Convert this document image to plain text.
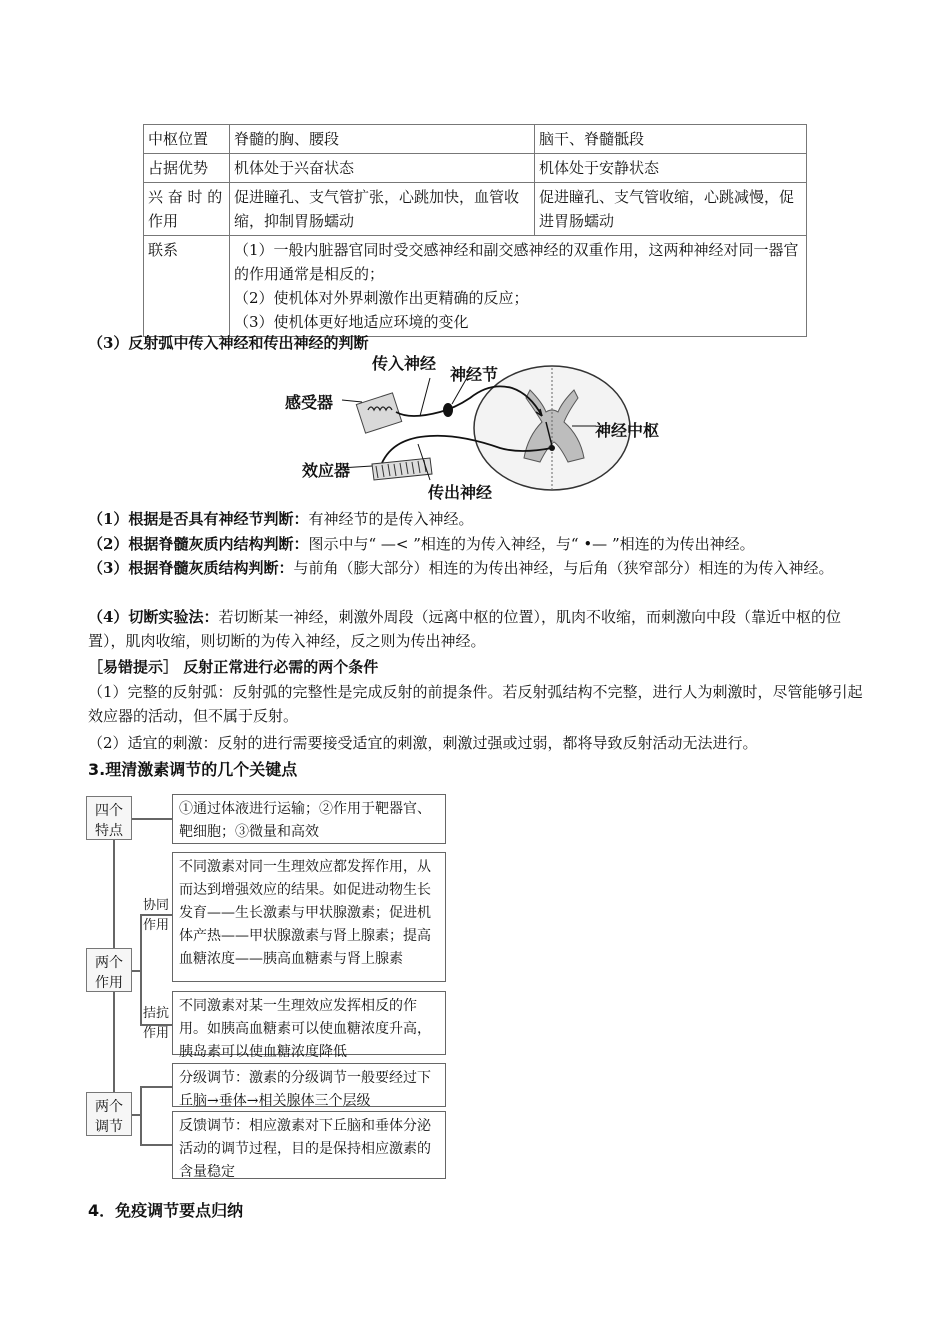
中枢位置	脊髓的胸、腰段	脑干、脊髓骶段
占据优势	机体处于兴奋状态	机体处于安静状态
兴 奋 时 的作用	促进瞳孔、支气管扩张，心跳加快，血管收缩，抑制胃肠蠕动	促进瞳孔、支气管收缩，心跳减慢，促进胃肠蠕动
联系	（1）一般内脏器官同时受交感神经和副交感神经的双重作用，这两种神经对同一器官的作用通常是相反的；
（2）使机体对外界刺激作出更精确的反应；
（3）使机体更好地适应环境的变化	
（3）反射弧中传入神经和传出神经的判断
传入神经
神经节
感受器
神经中枢
效应器
传出神经
（1）根据是否具有神经节判断：有神经节的是传入神经。
（2）根据脊髓灰质内结构判断：图示中与“ —< ”相连的为传入神经，与“ •— ”相连的为传出神经。
（3）根据脊髓灰质结构判断：与前角（膨大部分）相连的为传出神经，与后角（狭窄部分）相连的为传入神经。
（4）切断实验法：若切断某一神经，刺激外周段（远离中枢的位置），肌肉不收缩，而刺激向中段（靠近中枢的位置），肌肉收缩，则切断的为传入神经，反之则为传出神经。
［易错提示］ 反射正常进行必需的两个条件
（1）完整的反射弧：反射弧的完整性是完成反射的前提条件。若反射弧结构不完整，进行人为刺激时，尽管能够引起效应器的活动，但不属于反射。
（2）适宜的刺激：反射的进行需要接受适宜的刺激，刺激过强或过弱，都将导致反射活动无法进行。
3.理清激素调节的几个关键点
四个特点
①通过体液进行运输；②作用于靶器官、靶细胞；③微量和高效
两个作用
协同作用
不同激素对同一生理效应都发挥作用，从而达到增强效应的结果。如促进动物生长发育——生长激素与甲状腺激素；促进机体产热——甲状腺激素与肾上腺素；提高血糖浓度——胰高血糖素与肾上腺素
拮抗作用
不同激素对某一生理效应发挥相反的作用。如胰高血糖素可以使血糖浓度升高，胰岛素可以使血糖浓度降低
两个调节
分级调节：激素的分级调节一般要经过下丘脑→垂体→相关腺体三个层级
反馈调节：相应激素对下丘脑和垂体分泌活动的调节过程，目的是保持相应激素的含量稳定
4．免疫调节要点归纳
